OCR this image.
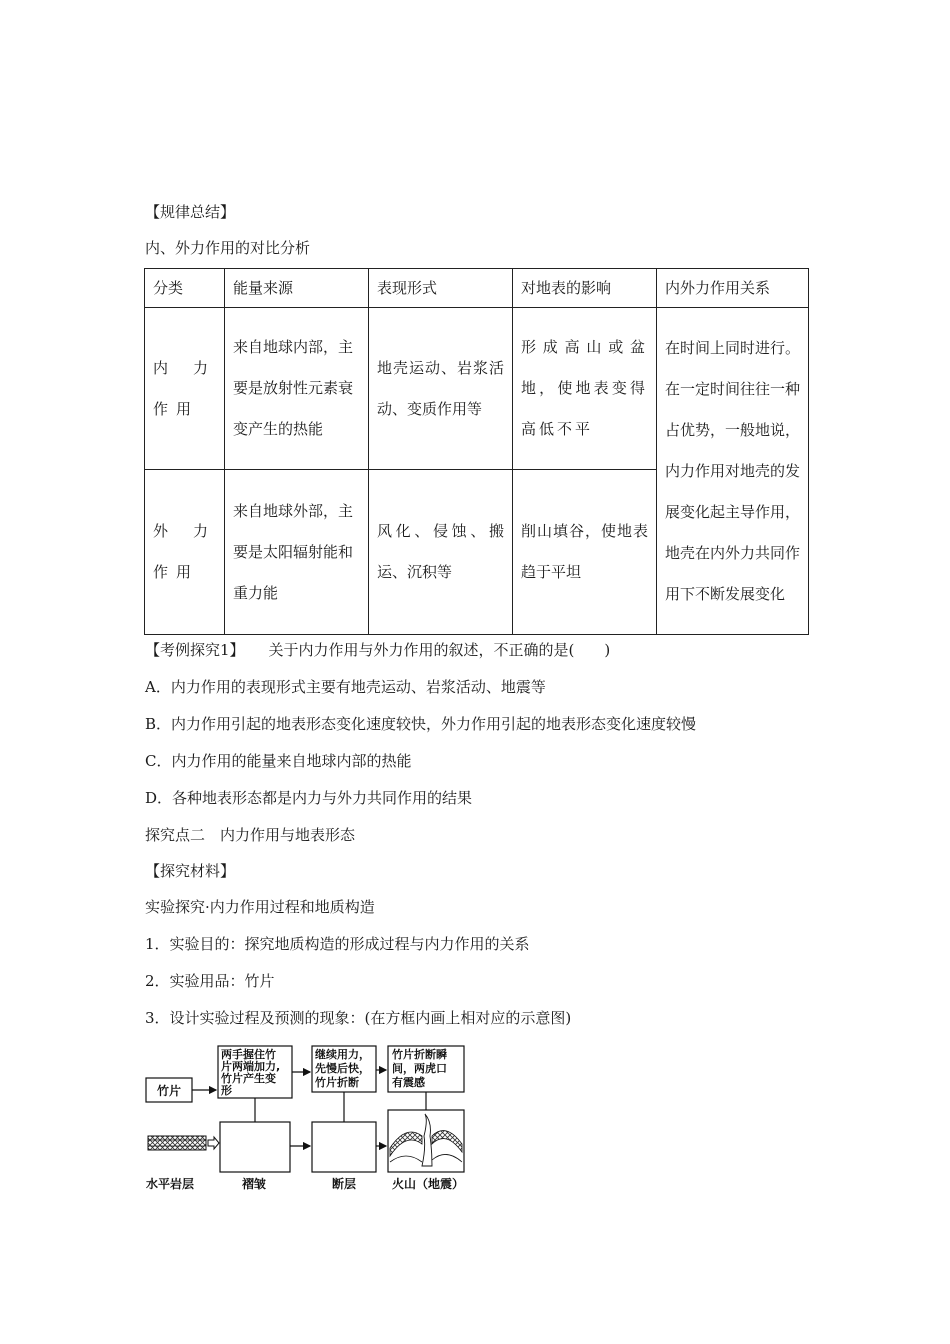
【规律总结】
内、外力作用的对比分析
分类	能量来源	表现形式	对地表的影响	内外力作用关系
内力作用	来自地球内部，主要是放射性元素衰变产生的热能	地壳运动、岩浆活动、变质作用等	形成高山或盆地，使地表变得高低不平	在时间上同时进行。在一定时间往往一种占优势，一般地说，内力作用对地壳的发展变化起主导作用，地壳在内外力共同作用下不断发展变化
外力作用	来自地球外部，主要是太阳辐射能和重力能	风化、侵蚀、搬运、沉积等	削山填谷，使地表趋于平坦	
【考例探究1】 关于内力作用与外力作用的叙述，不正确的是(　　)
A．内力作用的表现形式主要有地壳运动、岩浆活动、地震等
B．内力作用引起的地表形态变化速度较快，外力作用引起的地表形态变化速度较慢
C．内力作用的能量来自地球内部的热能
D．各种地表形态都是内力与外力共同作用的结果
探究点二　内力作用与地表形态
【探究材料】
实验探究·内力作用过程和地质构造
1．实验目的：探究地质构造的形成过程与内力作用的关系
2．实验用品：竹片
3．设计实验过程及预测的现象：(在方框内画上相对应的示意图)
竹片
两手握住竹
片两端加力,
竹片产生变
形
继续用力，
先慢后快，
竹片折断
竹片折断瞬
间，两虎口
有震感
水平岩层	褶皱	断层	火山（地震）
